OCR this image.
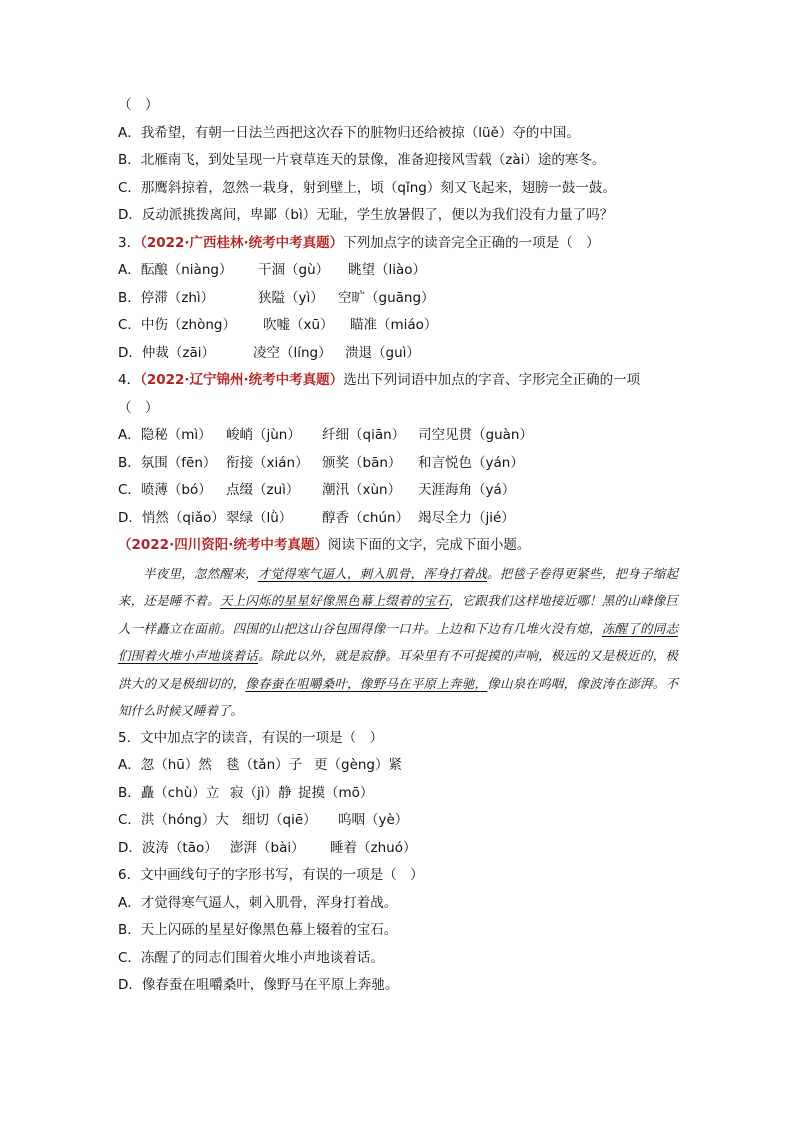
（　）
A．我希望，有朝一日法兰西把这次吞下的脏物归还给被掠（lüě）夺的中国。
B．北雁南飞，到处呈现一片衰草连天的景像，准备迎接风雪载（zài）途的寒冬。
C．那鹰斜掠着，忽然一栽身，射到壁上，顷（qǐng）刻又飞起来，翅膀一鼓一鼓。
D．反动派挑拨离间，卑鄙（bì）无耻，学生放暑假了，便以为我们没有力量了吗？
3．（2022·广西桂林·统考中考真题）下列加点字的读音完全正确的一项是（　）
A．酝酿（niàng） 干涸（gù） 眺望（liào）
B．停滞（zhì）	狭隘（yì） 空旷（guāng）
C．中伤（zhòng） 吹嘘（xū） 瞄准（miáo）
D．仲裁（zāi）	凌空（líng） 溃退（guì）
4．（2022·辽宁锦州·统考中考真题）选出下列词语中加点的字音、字形完全正确的一项
（　）
A．隐秘（mì） 峻峭（jùn） 纤细（qiān） 司空见贯（guàn）
B．氛围（fēn） 衔接（xián） 颁奖（bān） 和言悦色（yán）
C．喷薄（bó） 点缀（zuì） 潮汛（xùn） 天涯海角（yá）
D．悄然（qiǎo）翠绿（lǜ） 醇香（chún） 竭尽全力（jié）
（2022·四川资阳·统考中考真题）阅读下面的文字，完成下面小题。

半夜里，忽然醒来，才觉得寒气逼人，刺入肌骨，浑身打着战。把毯子卷得更紧些，把身子缩起来，还是睡不着。天上闪烁的星星好像黑色幕上缀着的宝石，它跟我们这样地接近哪！黑的山峰像巨人一样矗立在面前。四围的山把这山谷包围得像一口井。上边和下边有几堆火没有熄，冻醒了的同志们围着火堆小声地谈着话。除此以外，就是寂静。耳朵里有不可捉摸的声响，极远的又是极近的，极洪大的又是极细切的，像春蚕在咀嚼桑叶，像野马在平原上奔驰，像山泉在呜咽，像波涛在澎湃。不知什么时候又睡着了。

5．文中加点字的读音，有误的一项是（　）
A．忽（hū）然 毯（tǎn）子 更（gèng）紧
B．矗（chù）立 寂（jì）静 捉摸（mō）
C．洪（hóng）大 细切（qiē） 呜咽（yè）
D．波涛（tāo） 澎湃（bài） 睡着（zhuó）
6．文中画线句子的字形书写，有误的一项是（　）
A．才觉得寒气逼人，刺入肌骨，浑身打着战。
B．天上闪砾的星星好像黑色幕上辍着的宝石。
C．冻醒了的同志们围着火堆小声地谈着话。
D．像春蚕在咀嚼桑叶，像野马在平原上奔驰。
